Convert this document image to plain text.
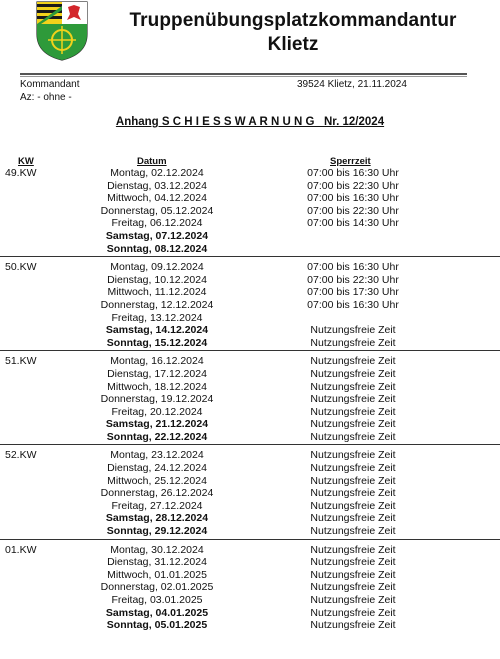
Truppenübungsplatzkommandantur
Klietz
Kommandant
Az: - ohne -
39524 Klietz, 21.11.2024
Anhang S C H I E S S W A R N U N G   Nr. 12/2024
KW	Datum	Sperrzeit
49.KW	Montag, 02.12.2024	07:00 bis 16:30 Uhr
Dienstag, 03.12.2024	07:00 bis 22:30 Uhr
Mittwoch, 04.12.2024	07:00 bis 16:30 Uhr
Donnerstag, 05.12.2024	07:00 bis 22:30 Uhr
Freitag, 06.12.2024	07:00 bis 14:30 Uhr
Samstag, 07.12.2024
Sonntag, 08.12.2024
50.KW	Montag, 09.12.2024	07:00 bis 16:30 Uhr
Dienstag, 10.12.2024	07:00 bis 22:30 Uhr
Mittwoch, 11.12.2024	07:00 bis 17:30 Uhr
Donnerstag, 12.12.2024	07:00 bis 16:30 Uhr
Freitag, 13.12.2024
Samstag, 14.12.2024	Nutzungsfreie Zeit
Sonntag, 15.12.2024	Nutzungsfreie Zeit
51.KW	Montag, 16.12.2024	Nutzungsfreie Zeit
Dienstag, 17.12.2024	Nutzungsfreie Zeit
Mittwoch, 18.12.2024	Nutzungsfreie Zeit
Donnerstag, 19.12.2024	Nutzungsfreie Zeit
Freitag, 20.12.2024	Nutzungsfreie Zeit
Samstag, 21.12.2024	Nutzungsfreie Zeit
Sonntag, 22.12.2024	Nutzungsfreie Zeit
52.KW	Montag, 23.12.2024	Nutzungsfreie Zeit
Dienstag, 24.12.2024	Nutzungsfreie Zeit
Mittwoch, 25.12.2024	Nutzungsfreie Zeit
Donnerstag, 26.12.2024	Nutzungsfreie Zeit
Freitag, 27.12.2024	Nutzungsfreie Zeit
Samstag, 28.12.2024	Nutzungsfreie Zeit
Sonntag, 29.12.2024	Nutzungsfreie Zeit
01.KW	Montag, 30.12.2024	Nutzungsfreie Zeit
Dienstag, 31.12.2024	Nutzungsfreie Zeit
Mittwoch, 01.01.2025	Nutzungsfreie Zeit
Donnerstag, 02.01.2025	Nutzungsfreie Zeit
Freitag, 03.01.2025	Nutzungsfreie Zeit
Samstag, 04.01.2025	Nutzungsfreie Zeit
Sonntag, 05.01.2025	Nutzungsfreie Zeit
